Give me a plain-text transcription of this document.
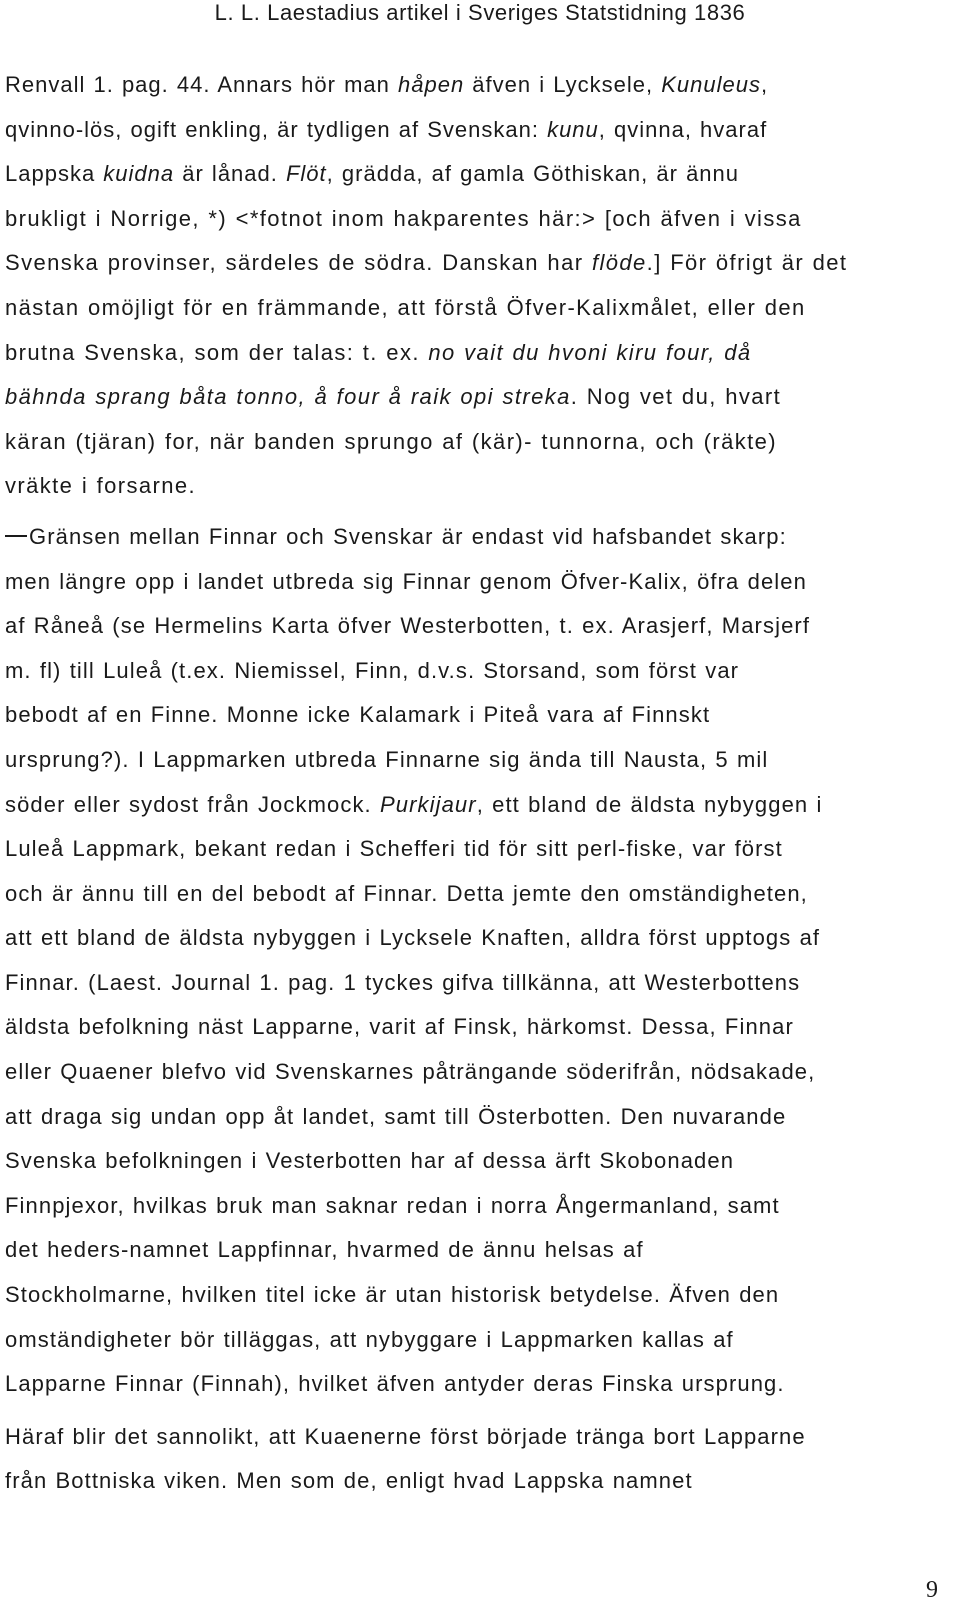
L. L. Laestadius artikel i Sveriges Statstidning 1836
Renvall 1. pag. 44. Annars hör man håpen äfven i Lycksele, Kunuleus,
qvinno-lös, ogift enkling, är tydligen af Svenskan: kunu, qvinna, hvaraf
Lappska kuidna är lånad. Flöt, grädda, af gamla Göthiskan, är ännu
brukligt i Norrige, *) <*fotnot inom hakparentes här:> [och äfven i vissa
Svenska provinser, särdeles de södra. Danskan har flöde.] För öfrigt är det
nästan omöjligt för en främmande, att förstå Öfver-Kalixmålet, eller den
brutna Svenska, som der talas: t. ex. no vait du hvoni kiru four, då
bähnda sprang båta tonno, å four å raik opi streka. Nog vet du, hvart
käran (tjäran) for, när banden sprungo af (kär)- tunnorna, och (räkte)
vräkte i forsarne.
Gränsen mellan Finnar och Svenskar är endast vid hafsbandet skarp:
men längre opp i landet utbreda sig Finnar genom Öfver-Kalix, öfra delen
af Råneå (se Hermelins Karta öfver Westerbotten, t. ex. Arasjerf, Marsjerf
m. fl) till Luleå (t.ex. Niemissel, Finn, d.v.s. Storsand, som först var
bebodt af en Finne. Monne icke Kalamark i Piteå vara af Finnskt
ursprung?). I Lappmarken utbreda Finnarne sig ända till Nausta, 5 mil
söder eller sydost från Jockmock. Purkijaur, ett bland de äldsta nybyggen i
Luleå Lappmark, bekant redan i Schefferi tid för sitt perl-fiske, var först
och är ännu till en del bebodt af Finnar. Detta jemte den omständigheten,
att ett bland de äldsta nybyggen i Lycksele Knaften, alldra först upptogs af
Finnar. (Laest. Journal 1. pag. 1 tyckes gifva tillkänna, att Westerbottens
äldsta befolkning näst Lapparne, varit af Finsk, härkomst. Dessa, Finnar
eller Quaener blefvo vid Svenskarnes påträngande söderifrån, nödsakade,
att draga sig undan opp åt landet, samt till Österbotten. Den nuvarande
Svenska befolkningen i Vesterbotten har af dessa ärft Skobonaden
Finnpjexor, hvilkas bruk man saknar redan i norra Ångermanland, samt
det heders-namnet Lappfinnar, hvarmed de ännu helsas af
Stockholmarne, hvilken titel icke är utan historisk betydelse. Äfven den
omständigheter bör tilläggas, att nybyggare i Lappmarken kallas af
Lapparne Finnar (Finnah), hvilket äfven antyder deras Finska ursprung.
Häraf blir det sannolikt, att Kuaenerne först började tränga bort Lapparne
från Bottniska viken. Men som de, enligt hvad Lappska namnet
9
